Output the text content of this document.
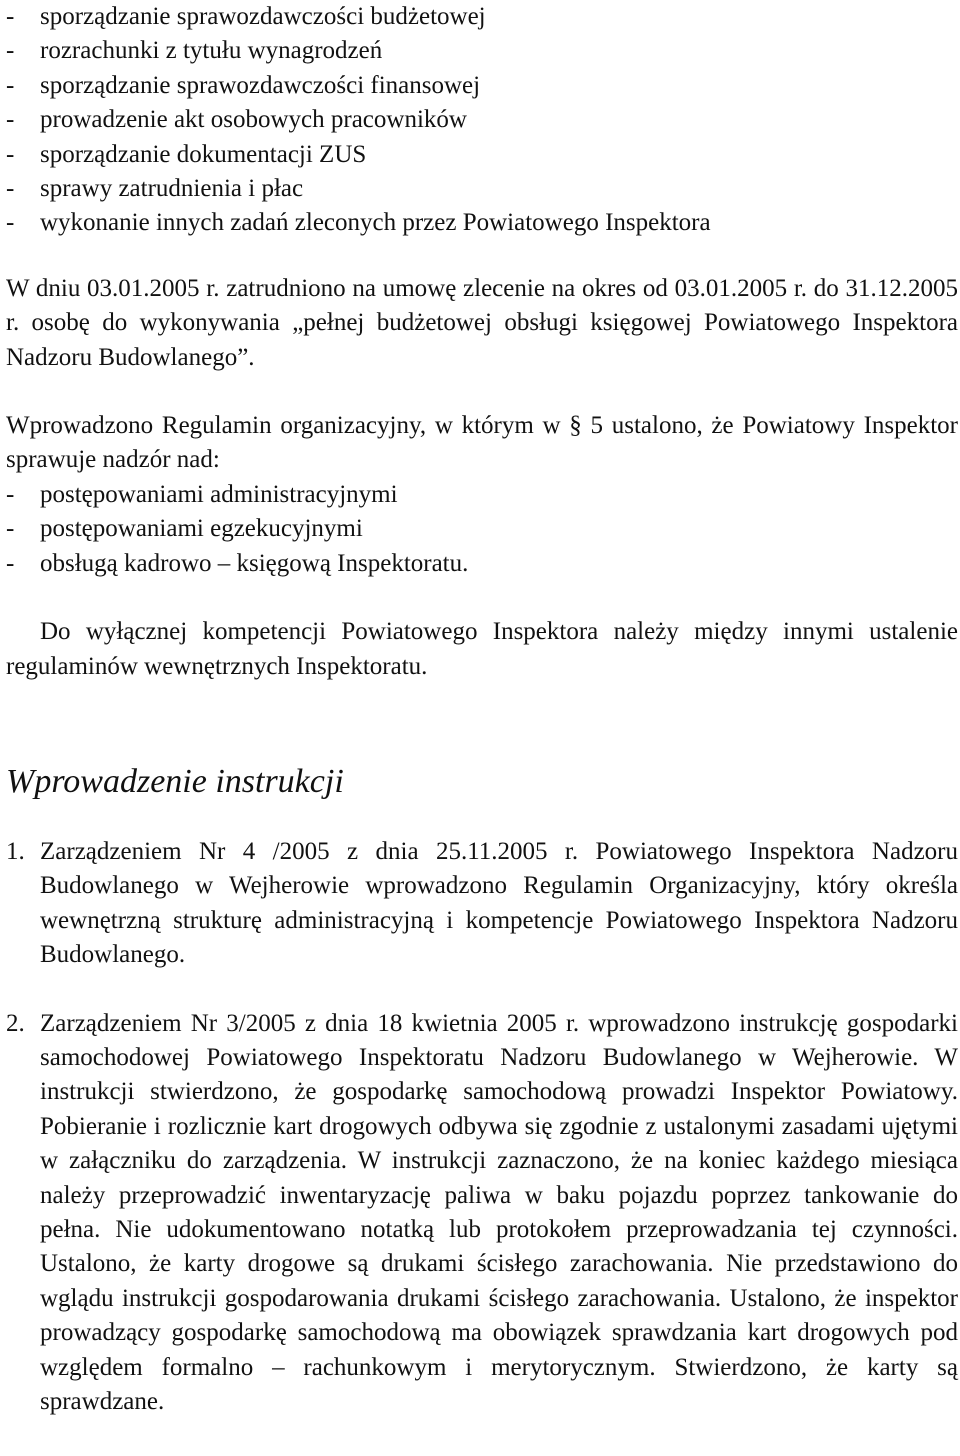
- sporządzanie sprawozdawczości budżetowej
- rozrachunki z tytułu wynagrodzeń
- sporządzanie sprawozdawczości finansowej
- prowadzenie akt osobowych pracowników
- sporządzanie dokumentacji ZUS
- sprawy zatrudnienia i płac
- wykonanie innych zadań zleconych przez Powiatowego Inspektora

W dniu 03.01.2005 r. zatrudniono na umowę zlecenie na okres od 03.01.2005 r. do 31.12.2005 r. osobę do wykonywania „pełnej budżetowej obsługi księgowej Powiatowego Inspektora Nadzoru Budowlanego”.

Wprowadzono Regulamin organizacyjny, w którym w § 5 ustalono, że Powiatowy Inspektor sprawuje nadzór nad:

- postępowaniami administracyjnymi
- postępowaniami egzekucyjnymi
- obsługą kadrowo – księgową Inspektoratu.

Do wyłącznej kompetencji Powiatowego Inspektora należy między innymi ustalenie regulaminów wewnętrznych Inspektoratu.

Wprowadzenie instrukcji
1. Zarządzeniem Nr 4 /2005 z dnia 25.11.2005 r. Powiatowego Inspektora Nadzoru Budowlanego w Wejherowie wprowadzono Regulamin Organizacyjny, który określa wewnętrzną strukturę administracyjną i kompetencje Powiatowego Inspektora Nadzoru Budowlanego.
2. Zarządzeniem Nr 3/2005 z dnia 18 kwietnia 2005 r. wprowadzono instrukcję gospodarki samochodowej Powiatowego Inspektoratu Nadzoru Budowlanego w Wejherowie. W instrukcji stwierdzono, że gospodarkę samochodową prowadzi Inspektor Powiatowy. Pobieranie i rozlicznie kart drogowych odbywa się zgodnie z ustalonymi zasadami ujętymi w załączniku do zarządzenia. W instrukcji zaznaczono, że na koniec każdego miesiąca należy przeprowadzić inwentaryzację paliwa w baku pojazdu poprzez tankowanie do pełna. Nie udokumentowano notatką lub protokołem przeprowadzania tej czynności. Ustalono, że karty drogowe są drukami ścisłego zarachowania. Nie przedstawiono do wglądu instrukcji gospodarowania drukami ścisłego zarachowania. Ustalono, że inspektor prowadzący gospodarkę samochodową ma obowiązek sprawdzania kart drogowych pod względem formalno – rachunkowym i merytorycznym. Stwierdzono, że karty są sprawdzane.
